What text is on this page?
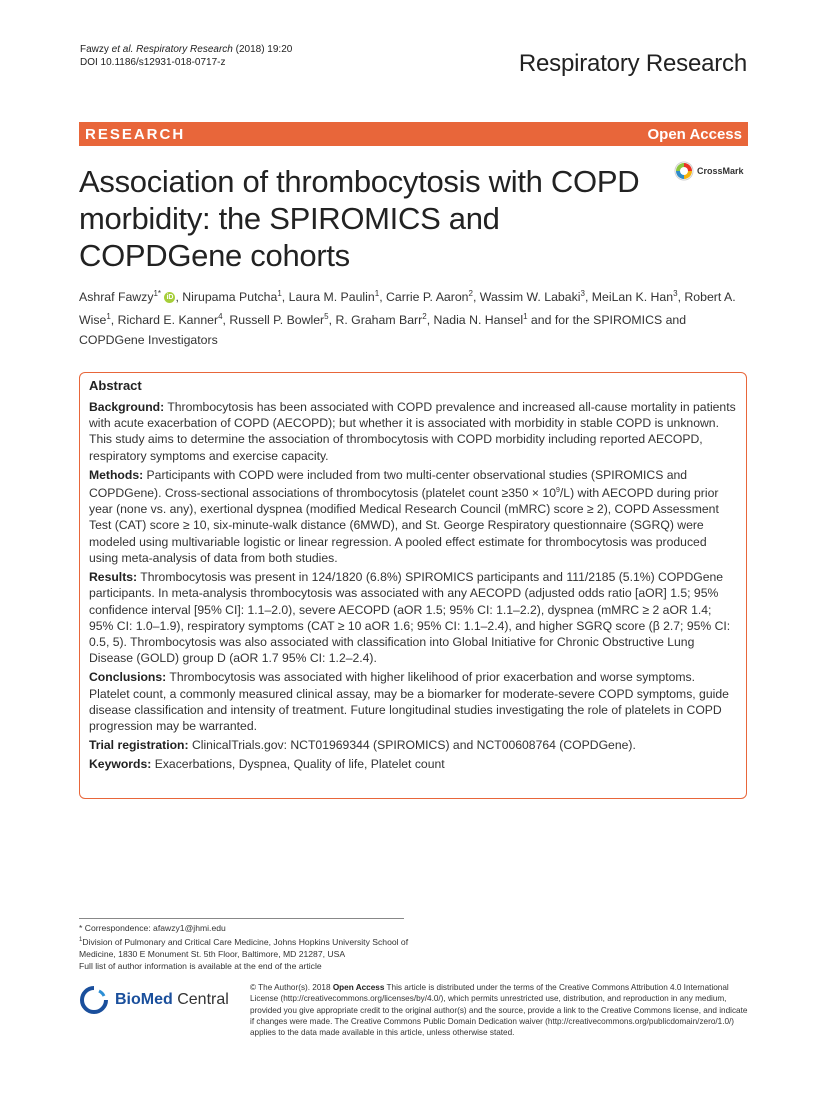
Fawzy et al. Respiratory Research (2018) 19:20
DOI 10.1186/s12931-018-0717-z	Respiratory Research
RESEARCH	Open Access
Association of thrombocytosis with COPD morbidity: the SPIROMICS and COPDGene cohorts
CrossMark
Ashraf Fawzy$^{1*}$ iD , Nirupama Putcha$^1$, Laura M. Paulin$^1$, Carrie P. Aaron$^2$, Wassim W. Labaki$^3$, MeiLan K. Han$^3$, Robert A. Wise$^1$, Richard E. Kanner$^4$, Russell P. Bowler$^5$, R. Graham Barr$^2$, Nadia N. Hansel$^1$ and for the SPIROMICS and COPDGene Investigators
Abstract

Background: Thrombocytosis has been associated with COPD prevalence and increased all-cause mortality in patients with acute exacerbation of COPD (AECOPD); but whether it is associated with morbidity in stable COPD is unknown. This study aims to determine the association of thrombocytosis with COPD morbidity including reported AECOPD, respiratory symptoms and exercise capacity.

Methods: Participants with COPD were included from two multi-center observational studies (SPIROMICS and COPDGene). Cross-sectional associations of thrombocytosis (platelet count $\ge 350 \times 10^9/L$) with AECOPD during prior year (none vs. any), exertional dyspnea (modified Medical Research Council (mMRC) score ≥ 2), COPD Assessment Test (CAT) score ≥ 10, six-minute-walk distance (6MWD), and St. George Respiratory questionnaire (SGRQ) were modeled using multivariable logistic or linear regression. A pooled effect estimate for thrombocytosis was produced using meta-analysis of data from both studies.

Results: Thrombocytosis was present in 124/1820 (6.8%) SPIROMICS participants and 111/2185 (5.1%) COPDGene participants. In meta-analysis thrombocytosis was associated with any AECOPD (adjusted odds ratio [aOR] 1.5; 95% confidence interval [95% CI]: 1.1–2.0), severe AECOPD (aOR 1.5; 95% CI: 1.1–2.2), dyspnea (mMRC ≥ 2 aOR 1.4; 95% CI: 1.0–1.9), respiratory symptoms (CAT ≥ 10 aOR 1.6; 95% CI: 1.1–2.4), and higher SGRQ score (β 2.7; 95% CI: 0.5, 5). Thrombocytosis was also associated with classification into Global Initiative for Chronic Obstructive Lung Disease (GOLD) group D (aOR 1.7 95% CI: 1.2–2.4).

Conclusions: Thrombocytosis was associated with higher likelihood of prior exacerbation and worse symptoms. Platelet count, a commonly measured clinical assay, may be a biomarker for moderate-severe COPD symptoms, guide disease classification and intensity of treatment. Future longitudinal studies investigating the role of platelets in COPD progression may be warranted.

Trial registration: ClinicalTrials.gov: NCT01969344 (SPIROMICS) and NCT00608764 (COPDGene).

Keywords: Exacerbations, Dyspnea, Quality of life, Platelet count

* Correspondence: afawzy1@jhmi.edu
$^1$Division of Pulmonary and Critical Care Medicine, Johns Hopkins University School of Medicine, 1830 E Monument St. 5th Floor, Baltimore, MD 21287, USA
Full list of author information is available at the end of the article
BioMed Central
© The Author(s). 2018 Open Access This article is distributed under the terms of the Creative Commons Attribution 4.0 International License (http://creativecommons.org/licenses/by/4.0/), which permits unrestricted use, distribution, and reproduction in any medium, provided you give appropriate credit to the original author(s) and the source, provide a link to the Creative Commons license, and indicate if changes were made. The Creative Commons Public Domain Dedication waiver (http://creativecommons.org/publicdomain/zero/1.0/) applies to the data made available in this article, unless otherwise stated.
